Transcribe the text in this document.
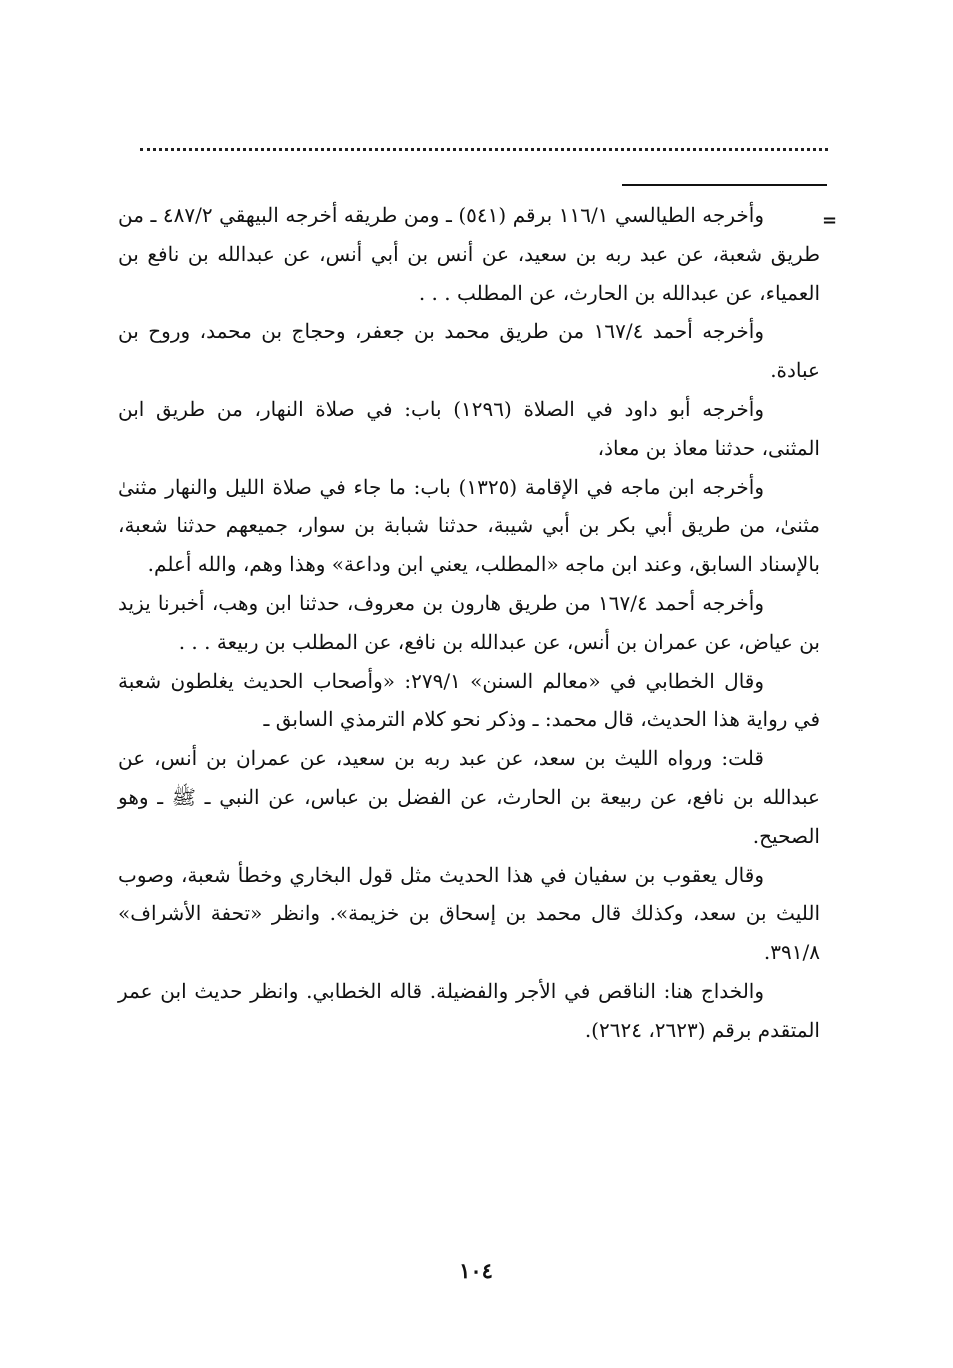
=

وأخرجه الطيالسي ١١٦/١ برقم (٥٤١) ـ ومن طريقه أخرجه البيهقي ٤٨٧/٢ ـ من طريق شعبة، عن عبد ربه بن سعيد، عن أنس بن أبي أنس، عن عبدالله بن نافع بن العمياء، عن عبدالله بن الحارث، عن المطلب . . .

وأخرجه أحمد ١٦٧/٤ من طريق محمد بن جعفر، وحجاج بن محمد، وروح بن عبادة.

وأخرجه أبو داود في الصلاة (١٢٩٦) باب: في صلاة النهار، من طريق ابن المثنى، حدثنا معاذ بن معاذ،

وأخرجه ابن ماجه في الإقامة (١٣٢٥) باب: ما جاء في صلاة الليل والنهار مثنىٰ مثنىٰ، من طريق أبي بكر بن أبي شيبة، حدثنا شبابة بن سوار، جميعهم حدثنا شعبة، بالإسناد السابق، وعند ابن ماجه «المطلب، يعني ابن وداعة» وهذا وهم، والله أعلم.

وأخرجه أحمد ١٦٧/٤ من طريق هارون بن معروف، حدثنا ابن وهب، أخبرنا يزيد بن عياض، عن عمران بن أنس، عن عبدالله بن نافع، عن المطلب بن ربيعة . . .

وقال الخطابي في «معالم السنن» ٢٧٩/١: «وأصحاب الحديث يغلطون شعبة في رواية هذا الحديث، قال محمد: ـ وذكر نحو كلام الترمذي السابق ـ

قلت: ورواه الليث بن سعد، عن عبد ربه بن سعيد، عن عمران بن أنس، عن عبدالله بن نافع، عن ربيعة بن الحارث، عن الفضل بن عباس، عن النبي ـ ﷺ ـ وهو الصحيح.

وقال يعقوب بن سفيان في هذا الحديث مثل قول البخاري وخطأ شعبة، وصوب الليث بن سعد، وكذلك قال محمد بن إسحاق بن خزيمة». وانظر «تحفة الأشراف» ٣٩١/٨.

والخداج هنا: الناقص في الأجر والفضيلة. قاله الخطابي. وانظر حديث ابن عمر المتقدم برقم (٢٦٢٣، ٢٦٢٤).

١٠٤
